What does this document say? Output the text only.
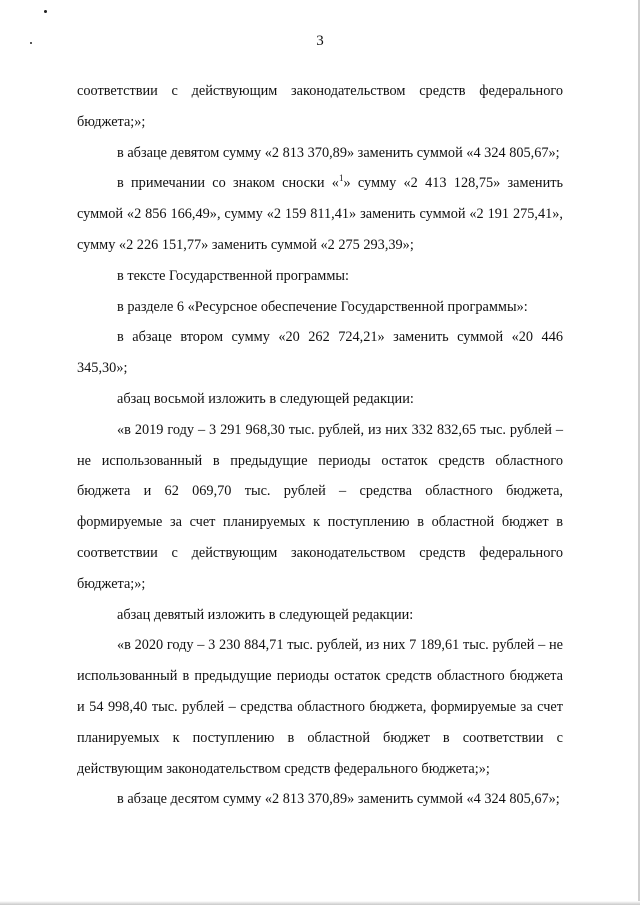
3

соответствии с действующим законодательством средств федерального бюджета;»;

в абзаце девятом сумму «2 813 370,89» заменить суммой «4 324 805,67»;

в примечании со знаком сноски «$^1$» сумму «2 413 128,75» заменить суммой «2 856 166,49», сумму «2 159 811,41» заменить суммой «2 191 275,41», сумму «2 226 151,77» заменить суммой «2 275 293,39»;

в тексте Государственной программы:

в разделе 6 «Ресурсное обеспечение Государственной программы»:

в абзаце втором сумму «20 262 724,21» заменить суммой «20 446 345,30»;

абзац восьмой изложить в следующей редакции:

«в 2019 году – 3 291 968,30 тыс. рублей, из них 332 832,65 тыс. рублей – не использованный в предыдущие периоды остаток средств областного бюджета и 62 069,70 тыс. рублей – средства областного бюджета, формируемые за счет планируемых к поступлению в областной бюджет в соответствии с действующим законодательством средств федерального бюджета;»;

абзац девятый изложить в следующей редакции:

«в 2020 году – 3 230 884,71 тыс. рублей, из них 7 189,61 тыс. рублей – не использованный в предыдущие периоды остаток средств областного бюджета и 54 998,40 тыс. рублей – средства областного бюджета, формируемые за счет планируемых к поступлению в областной бюджет в соответствии с действующим законодательством средств федерального бюджета;»;

в абзаце десятом сумму «2 813 370,89» заменить суммой «4 324 805,67»;
